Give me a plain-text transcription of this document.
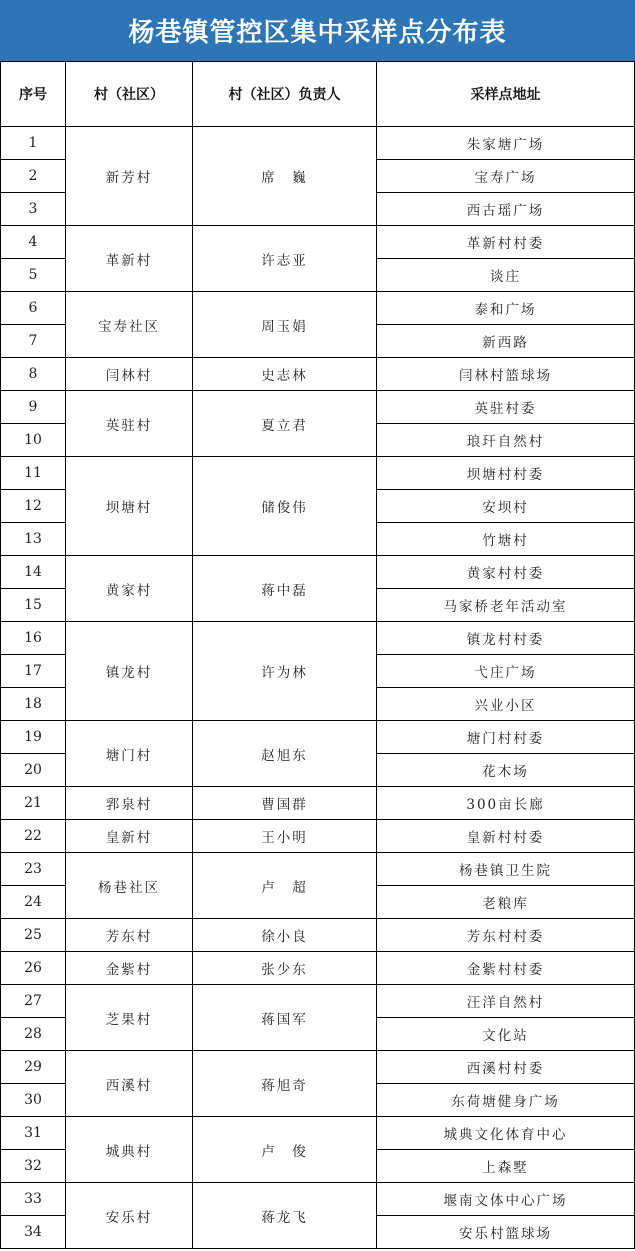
杨巷镇管控区集中采样点分布表
序号	村（社区）	村（社区）负责人	采样点地址
1	新芳村	席　巍	朱家塘广场
2			宝寿广场
3			西古瑶广场
4	革新村	许志亚	革新村村委
5			谈庄
6	宝寿社区	周玉娟	泰和广场
7			新西路
8	闫林村	史志林	闫林村篮球场
9	英驻村	夏立君	英驻村委
10			琅玕自然村
11	坝塘村	储俊伟	坝塘村村委
12			安坝村
13			竹塘村
14	黄家村	蒋中磊	黄家村村委
15			马家桥老年活动室
16	镇龙村	许为林	镇龙村村委
17			弋庄广场
18			兴业小区
19	塘门村	赵旭东	塘门村村委
20			花木场
21	郛泉村	曹国群	300亩长廊
22	皇新村	王小明	皇新村村委
23	杨巷社区	卢　超	杨巷镇卫生院
24			老粮库
25	芳东村	徐小良	芳东村村委
26	金紫村	张少东	金紫村村委
27	芝果村	蒋国军	汪洋自然村
28			文化站
29	西溪村	蒋旭奇	西溪村村委
30			东荷塘健身广场
31	城典村	卢　俊	城典文化体育中心
32			上森墅
33	安乐村	蒋龙飞	堰南文体中心广场
34			安乐村篮球场
